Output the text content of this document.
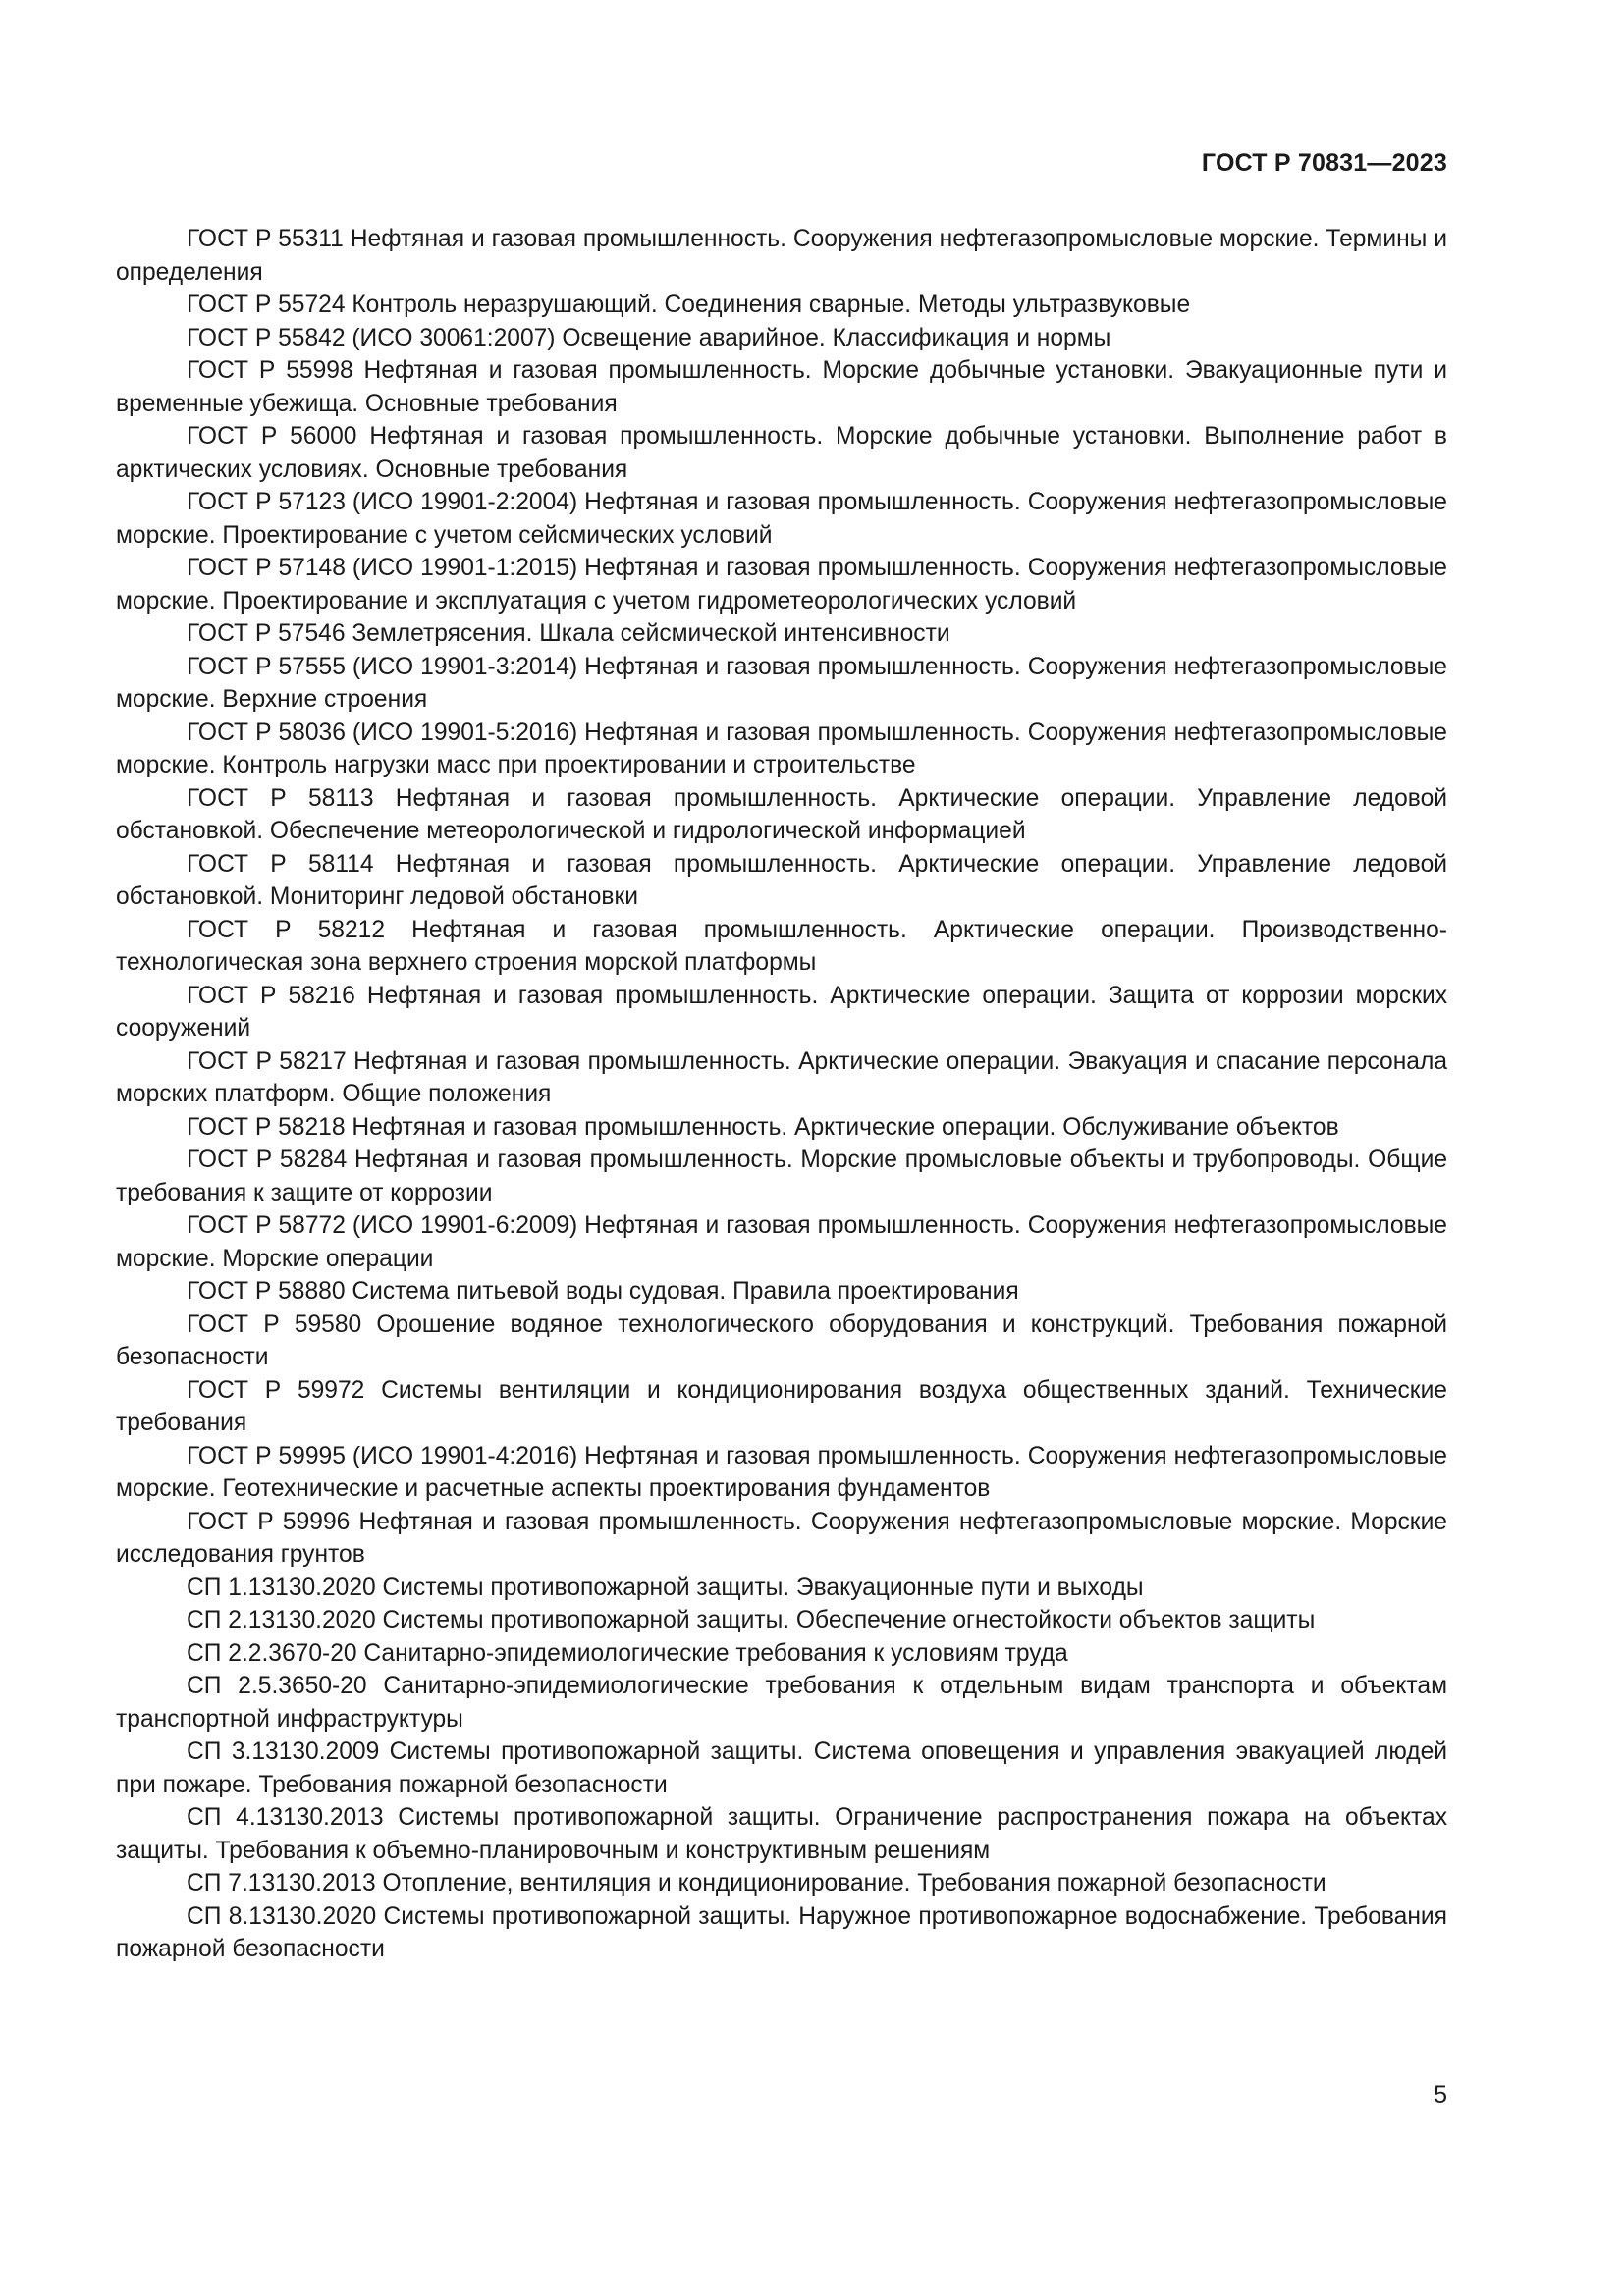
ГОСТ Р 70831—2023

ГОСТ Р 55311 Нефтяная и газовая промышленность. Сооружения нефтегазопромысловые морские. Термины и определения

ГОСТ Р 55724 Контроль неразрушающий. Соединения сварные. Методы ультразвуковые

ГОСТ Р 55842 (ИСО 30061:2007) Освещение аварийное. Классификация и нормы

ГОСТ Р 55998 Нефтяная и газовая промышленность. Морские добычные установки. Эвакуационные пути и временные убежища. Основные требования

ГОСТ Р 56000 Нефтяная и газовая промышленность. Морские добычные установки. Выполнение работ в арктических условиях. Основные требования

ГОСТ Р 57123 (ИСО 19901-2:2004) Нефтяная и газовая промышленность. Сооружения нефтегазопромысловые морские. Проектирование с учетом сейсмических условий

ГОСТ Р 57148 (ИСО 19901-1:2015) Нефтяная и газовая промышленность. Сооружения нефтегазопромысловые морские. Проектирование и эксплуатация с учетом гидрометеорологических условий

ГОСТ Р 57546 Землетрясения. Шкала сейсмической интенсивности

ГОСТ Р 57555 (ИСО 19901-3:2014) Нефтяная и газовая промышленность. Сооружения нефтегазопромысловые морские. Верхние строения

ГОСТ Р 58036 (ИСО 19901-5:2016) Нефтяная и газовая промышленность. Сооружения нефтегазопромысловые морские. Контроль нагрузки масс при проектировании и строительстве

ГОСТ Р 58113 Нефтяная и газовая промышленность. Арктические операции. Управление ледовой обстановкой. Обеспечение метеорологической и гидрологической информацией

ГОСТ Р 58114 Нефтяная и газовая промышленность. Арктические операции. Управление ледовой обстановкой. Мониторинг ледовой обстановки

ГОСТ Р 58212 Нефтяная и газовая промышленность. Арктические операции. Производственно-технологическая зона верхнего строения морской платформы

ГОСТ Р 58216 Нефтяная и газовая промышленность. Арктические операции. Защита от коррозии морских сооружений

ГОСТ Р 58217 Нефтяная и газовая промышленность. Арктические операции. Эвакуация и спасание персонала морских платформ. Общие положения

ГОСТ Р 58218 Нефтяная и газовая промышленность. Арктические операции. Обслуживание объектов

ГОСТ Р 58284 Нефтяная и газовая промышленность. Морские промысловые объекты и трубопроводы. Общие требования к защите от коррозии

ГОСТ Р 58772 (ИСО 19901-6:2009) Нефтяная и газовая промышленность. Сооружения нефтегазопромысловые морские. Морские операции

ГОСТ Р 58880 Система питьевой воды судовая. Правила проектирования

ГОСТ Р 59580 Орошение водяное технологического оборудования и конструкций. Требования пожарной безопасности

ГОСТ Р 59972 Системы вентиляции и кондиционирования воздуха общественных зданий. Технические требования

ГОСТ Р 59995 (ИСО 19901-4:2016) Нефтяная и газовая промышленность. Сооружения нефтегазопромысловые морские. Геотехнические и расчетные аспекты проектирования фундаментов

ГОСТ Р 59996 Нефтяная и газовая промышленность. Сооружения нефтегазопромысловые морские. Морские исследования грунтов

СП 1.13130.2020 Системы противопожарной защиты. Эвакуационные пути и выходы

СП 2.13130.2020 Системы противопожарной защиты. Обеспечение огнестойкости объектов защиты

СП 2.2.3670-20 Санитарно-эпидемиологические требования к условиям труда

СП 2.5.3650-20 Санитарно-эпидемиологические требования к отдельным видам транспорта и объектам транспортной инфраструктуры

СП 3.13130.2009 Системы противопожарной защиты. Система оповещения и управления эвакуацией людей при пожаре. Требования пожарной безопасности

СП 4.13130.2013 Системы противопожарной защиты. Ограничение распространения пожара на объектах защиты. Требования к объемно-планировочным и конструктивным решениям

СП 7.13130.2013 Отопление, вентиляция и кондиционирование. Требования пожарной безопасности

СП 8.13130.2020 Системы противопожарной защиты. Наружное противопожарное водоснабжение. Требования пожарной безопасности

5
